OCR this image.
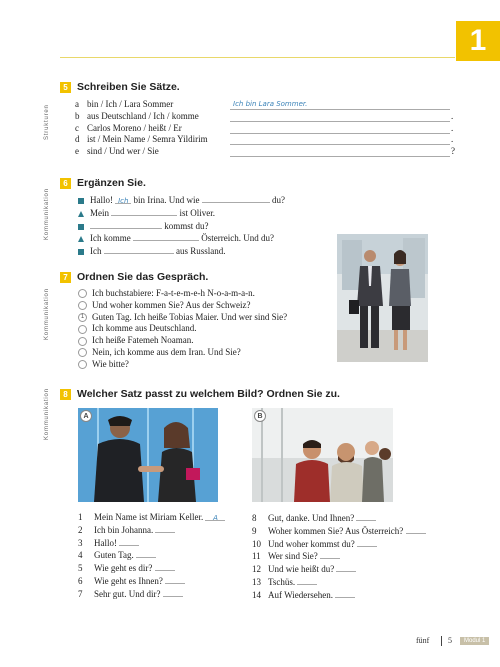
1
Strukturen
5 Schreiben Sie Sätze.
a bin / Ich / Lara Sommer	Ich bin Lara Sommer.
b aus Deutschland / Ich / komme	.
c Carlos Moreno / heißt / Er	.
d ist / Mein Name / Semra Yildirim	.
e sind / Und wer / Sie	?
Kommunikation
6 Ergänzen Sie.
Hallo! Ich bin Irina. Und wie	du?
Mein	ist Oliver.
kommst du?
Ich komme	Österreich. Und du?
Ich	aus Russland.
Kommunikation
7 Ordnen Sie das Gespräch.
Ich buchstabiere: F-a-t-e-m-e-h N-o-a-m-a-n.
Und woher kommen Sie? Aus der Schweiz?
1 Guten Tag. Ich heiße Tobias Maier. Und wer sind Sie?
Ich komme aus Deutschland.
Ich heiße Fatemeh Noaman.
Nein, ich komme aus dem Iran. Und Sie?
Wie bitte?
Kommunikation	8 Welcher Satz passt zu welchem Bild? Ordnen Sie zu.
A	B
1 Mein Name ist Miriam Keller. A
2 Ich bin Johanna.
3 Hallo!
4 Guten Tag.
5 Wie geht es dir?
6 Wie geht es Ihnen?
7 Sehr gut. Und dir?
8 Gut, danke. Und Ihnen?
9 Woher kommen Sie? Aus Österreich?
10 Und woher kommst du?
11 Wer sind Sie?
12 Und wie heißt du?
13 Tschüs.
14 Auf Wiedersehen.
fünf 5	Modul 1
